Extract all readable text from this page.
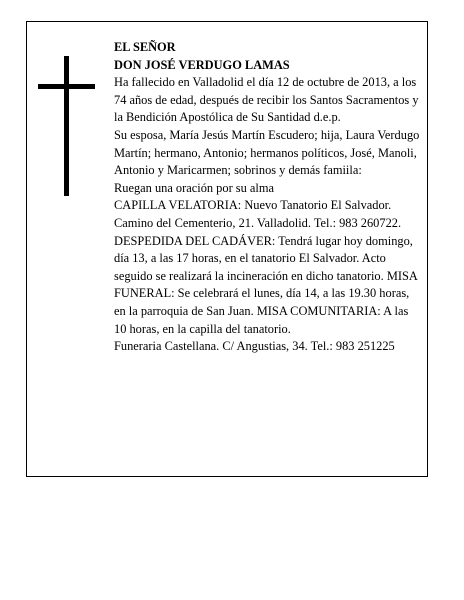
EL SEÑOR

DON JOSÉ VERDUGO LAMAS

Ha fallecido en Valladolid el día 12 de octubre de 2013, a los 74 años de edad, después de recibir los Santos Sacramentos y la Bendición Apostólica de Su Santidad d.e.p.

Su esposa, María Jesús Martín Escudero; hija, Laura Verdugo Martín; hermano, Antonio; hermanos políticos, José, Manoli, Antonio y Maricarmen; sobrinos y demás famiila:

Ruegan una oración por su alma

CAPILLA VELATORIA: Nuevo Tanatorio El Salvador. Camino del Cementerio, 21. Valladolid. Tel.: 983 260722.

DESPEDIDA DEL CADÁVER: Tendrá lugar hoy domingo, día 13, a las 17 horas, en el tanatorio El Salvador. Acto seguido se realizará la incineración en dicho tanatorio. MISA FUNERAL: Se celebrará el lunes, día 14, a las 19.30 horas, en la parroquia de San Juan. MISA COMUNITARIA: A las 10 horas, en la capilla del tanatorio.

Funeraria Castellana. C/ Angustias, 34. Tel.: 983 251225
